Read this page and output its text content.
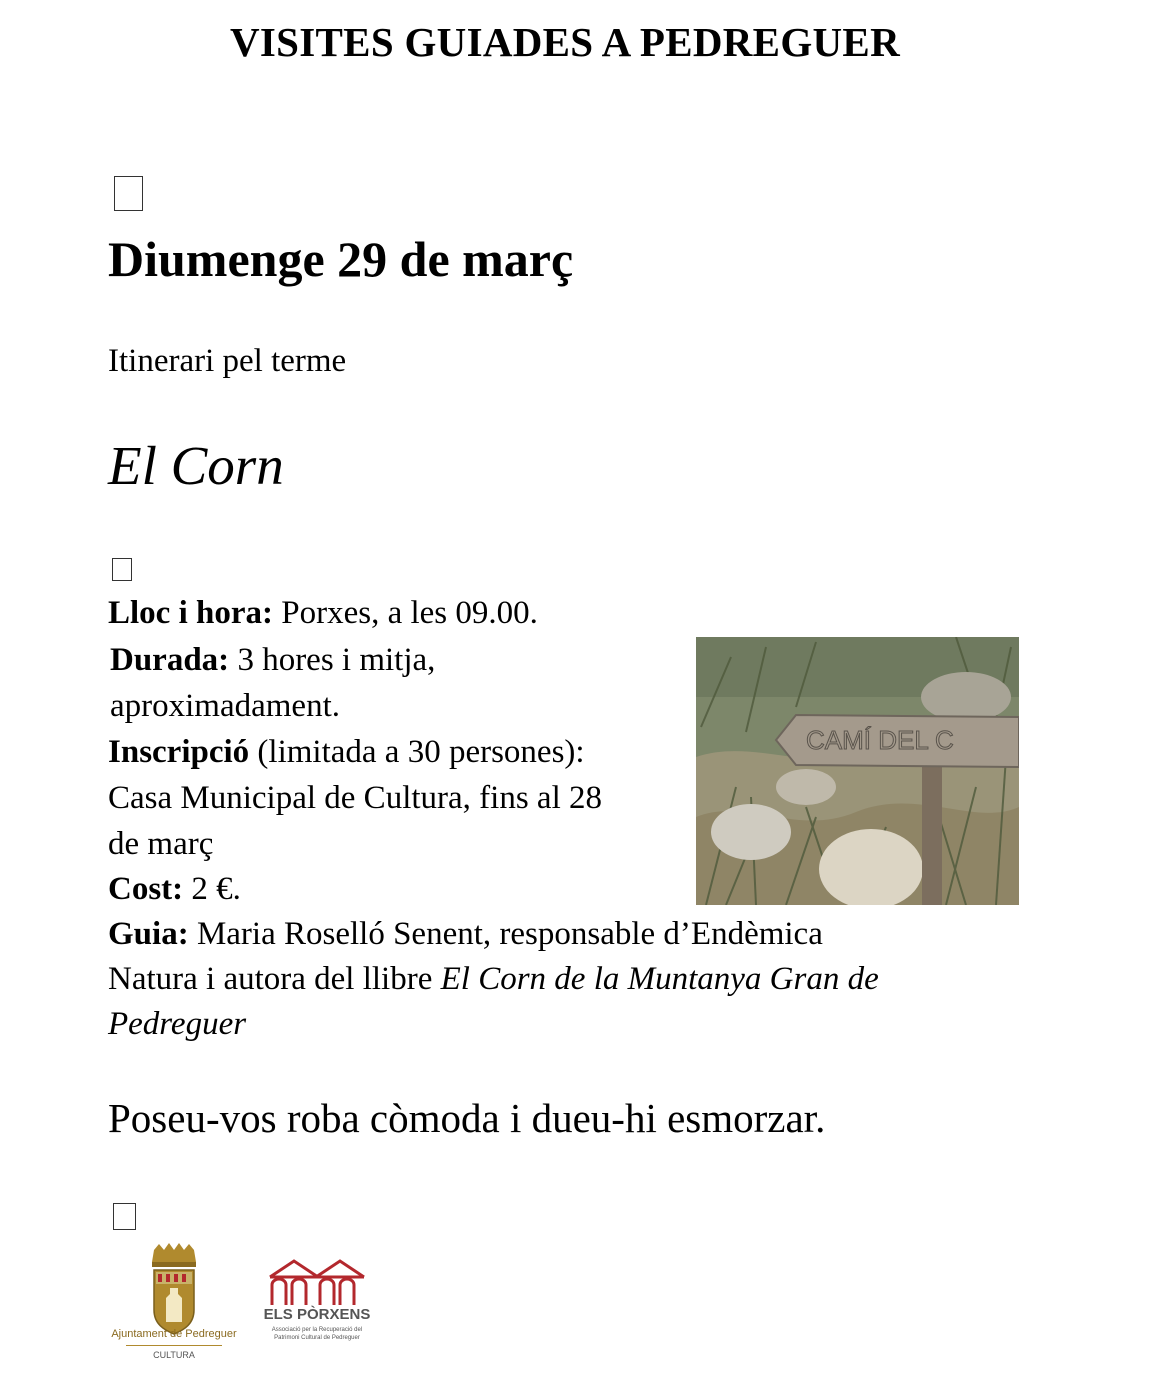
VISITES GUIADES A PEDREGUER
Diumenge 29 de març
Itinerari pel terme
El Corn
Lloc i hora: Porxes, a les 09.00.
Durada: 3 hores i mitja,
aproximadament.
Inscripció (limitada a 30 persones):
Casa Municipal de Cultura, fins al 28
de març
Cost: 2 €.
Guia: Maria Roselló Senent, responsable d’Endèmica
Natura i autora del llibre El Corn de la Muntanya Gran de
Pedreguer
CAMÍ DEL C
Poseu-vos roba còmoda i dueu-hi esmorzar.
Ajuntament de Pedreguer
CULTURA
ELS PÒRXENS
Associació per la Recuperació del
Patrimoni Cultural de Pedreguer
